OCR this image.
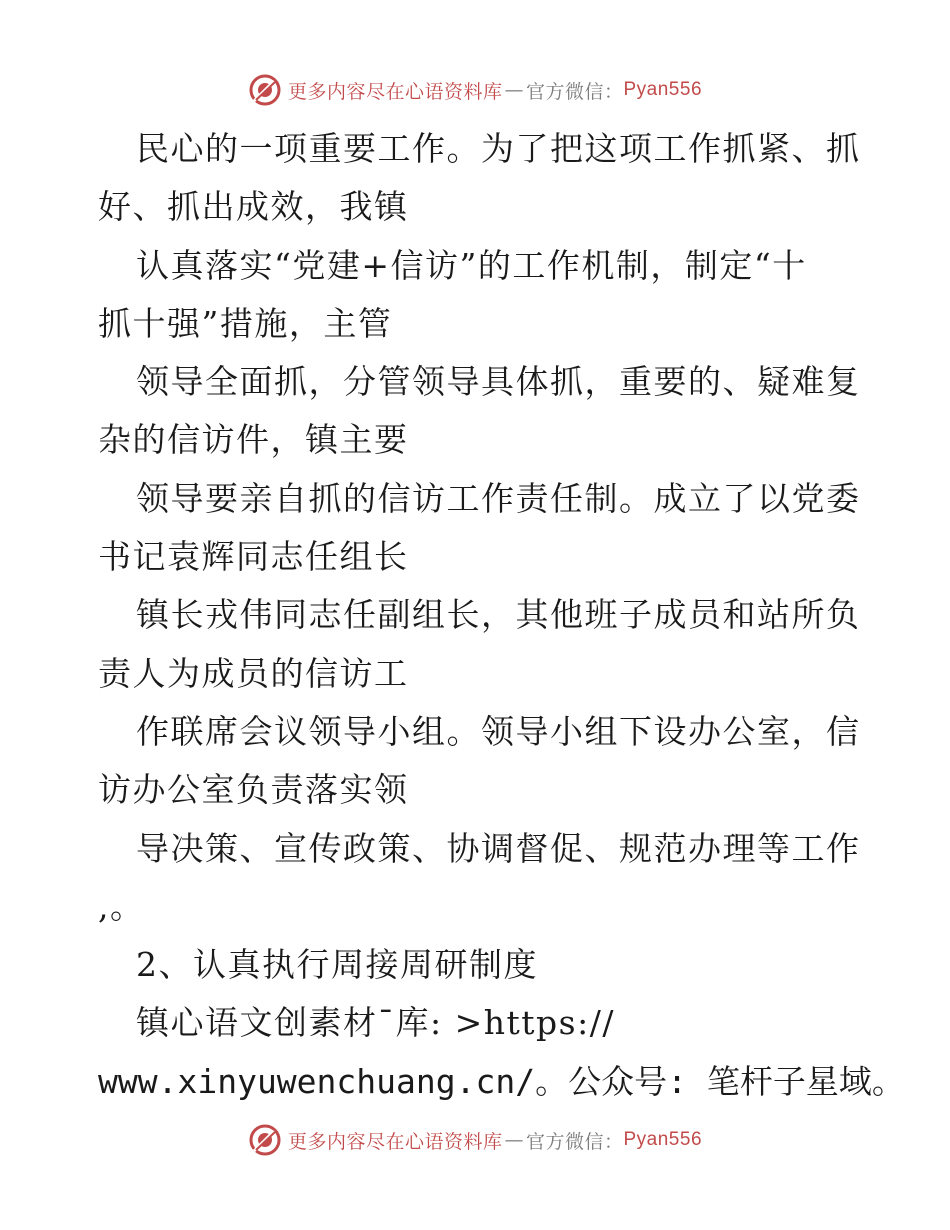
更多内容尽在心语资料库 — 官方微信： Pyan556
民心的一项重要工作。为了把这项工作抓紧、抓
好、抓出成效，我镇
认真落实“党建+信访”的工作机制，制定“十
抓十强”措施，主管
领导全面抓，分管领导具体抓，重要的、疑难复
杂的信访件，镇主要
领导要亲自抓的信访工作责任制。成立了以党委
书记袁辉同志任组长
镇长戎伟同志任副组长，其他班子成员和站所负
责人为成员的信访工
作联席会议领导小组。领导小组下设办公室，信
访办公室负责落实领
导决策、宣传政策、协调督促、规范办理等工作
,。
2、认真执行周接周研制度
镇心语文创素材¯库: >https://
www.xinyuwenchuang.cn/。公众号: 笔杆子星域。
更多内容尽在心语资料库 — 官方微信： Pyan556
